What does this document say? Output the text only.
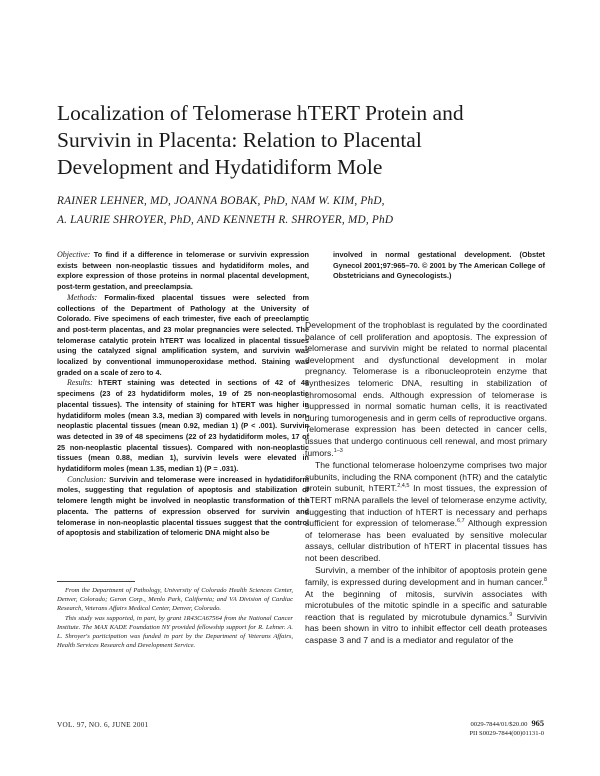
Localization of Telomerase hTERT Protein and
Survivin in Placenta: Relation to Placental
Development and Hydatidiform Mole
RAINER LEHNER, MD, JOANNA BOBAK, PhD, NAM W. KIM, PhD,
A. LAURIE SHROYER, PhD, AND KENNETH R. SHROYER, MD, PhD

Objective: To find if a difference in telomerase or survivin expression exists between non-neoplastic tissues and hydatidiform moles, and explore expression of those proteins in normal placental development, post-term gestation, and preeclampsia.

Methods: Formalin-fixed placental tissues were selected from collections of the Department of Pathology at the University of Colorado. Five specimens of each trimester, five each of preeclamptic and post-term placentas, and 23 molar pregnancies were selected. The telomerase catalytic protein hTERT was localized in placental tissues using the catalyzed signal amplification system, and survivin was localized by conventional immunoperoxidase method. Staining was graded on a scale of zero to 4.

Results: hTERT staining was detected in sections of 42 of 48 specimens (23 of 23 hydatidiform moles, 19 of 25 non-neoplastic placental tissues). The intensity of staining for hTERT was higher in hydatidiform moles (mean 3.3, median 3) compared with levels in non-neoplastic placental tissues (mean 0.92, median 1) (P < .001). Survivin was detected in 39 of 48 specimens (22 of 23 hydatidiform moles, 17 of 25 non-neoplastic placental tissues). Compared with non-neoplastic tissues (mean 0.88, median 1), survivin levels were elevated in hydatidiform moles (mean 1.35, median 1) (P = .031).

Conclusion: Survivin and telomerase were increased in hydatidiform moles, suggesting that regulation of apoptosis and stabilization of telomere length might be involved in neoplastic transformation of the placenta. The patterns of expression observed for survivin and telomerase in non-neoplastic placental tissues suggest that the control of apoptosis and stabilization of telomeric DNA might also be

involved in normal gestational development. (Obstet Gynecol 2001;97:965–70. © 2001 by The American College of Obstetricians and Gynecologists.)

Development of the trophoblast is regulated by the coordinated balance of cell proliferation and apoptosis. The expression of telomerase and survivin might be related to normal placental development and dysfunctional development in molar pregnancy. Telomerase is a ribonucleoprotein enzyme that synthesizes telomeric DNA, resulting in stabilization of chromosomal ends. Although expression of telomerase is suppressed in normal somatic human cells, it is reactivated during tumorogenesis and in germ cells of reproductive organs. Telomerase expression has been detected in cancer cells, tissues that undergo continuous cell renewal, and most primary tumors.$^{1-3}$

The functional telomerase holoenzyme comprises two major subunits, including the RNA component (hTR) and the catalytic protein subunit, hTERT.$^{2,4,5}$ In most tissues, the expression of hTERT mRNA parallels the level of telomerase enzyme activity, suggesting that induction of hTERT is necessary and perhaps sufficient for expression of telomerase.$^{6,7}$ Although expression of telomerase has been evaluated by sensitive molecular assays, cellular distribution of hTERT in placental tissues has not been described.

Survivin, a member of the inhibitor of apoptosis protein gene family, is expressed during development and in human cancer.$^8$ At the beginning of mitosis, survivin associates with microtubules of the mitotic spindle in a specific and saturable reaction that is regulated by microtubule dynamics.$^9$ Survivin has been shown in vitro to inhibit effector cell death proteases caspase 3 and 7 and is a mediator and regulator of the

From the Department of Pathology, University of Colorado Health Sciences Center, Denver, Colorado; Geron Corp., Menlo Park, California; and VA Division of Cardiac Research, Veterans Affairs Medical Center, Denver, Colorado.

This study was supported, in part, by grant 1R43CA67564 from the National Cancer Institute. The MAX KADE Foundation NY provided fellowship support for R. Lehner. A. L. Shroyer's participation was funded in part by the Department of Veterans Affairs, Health Services Research and Development Service.

VOL. 97, NO. 6, JUNE 2001	0029-7844/01/$20.00 965
PII S0029-7844(00)01131-0
